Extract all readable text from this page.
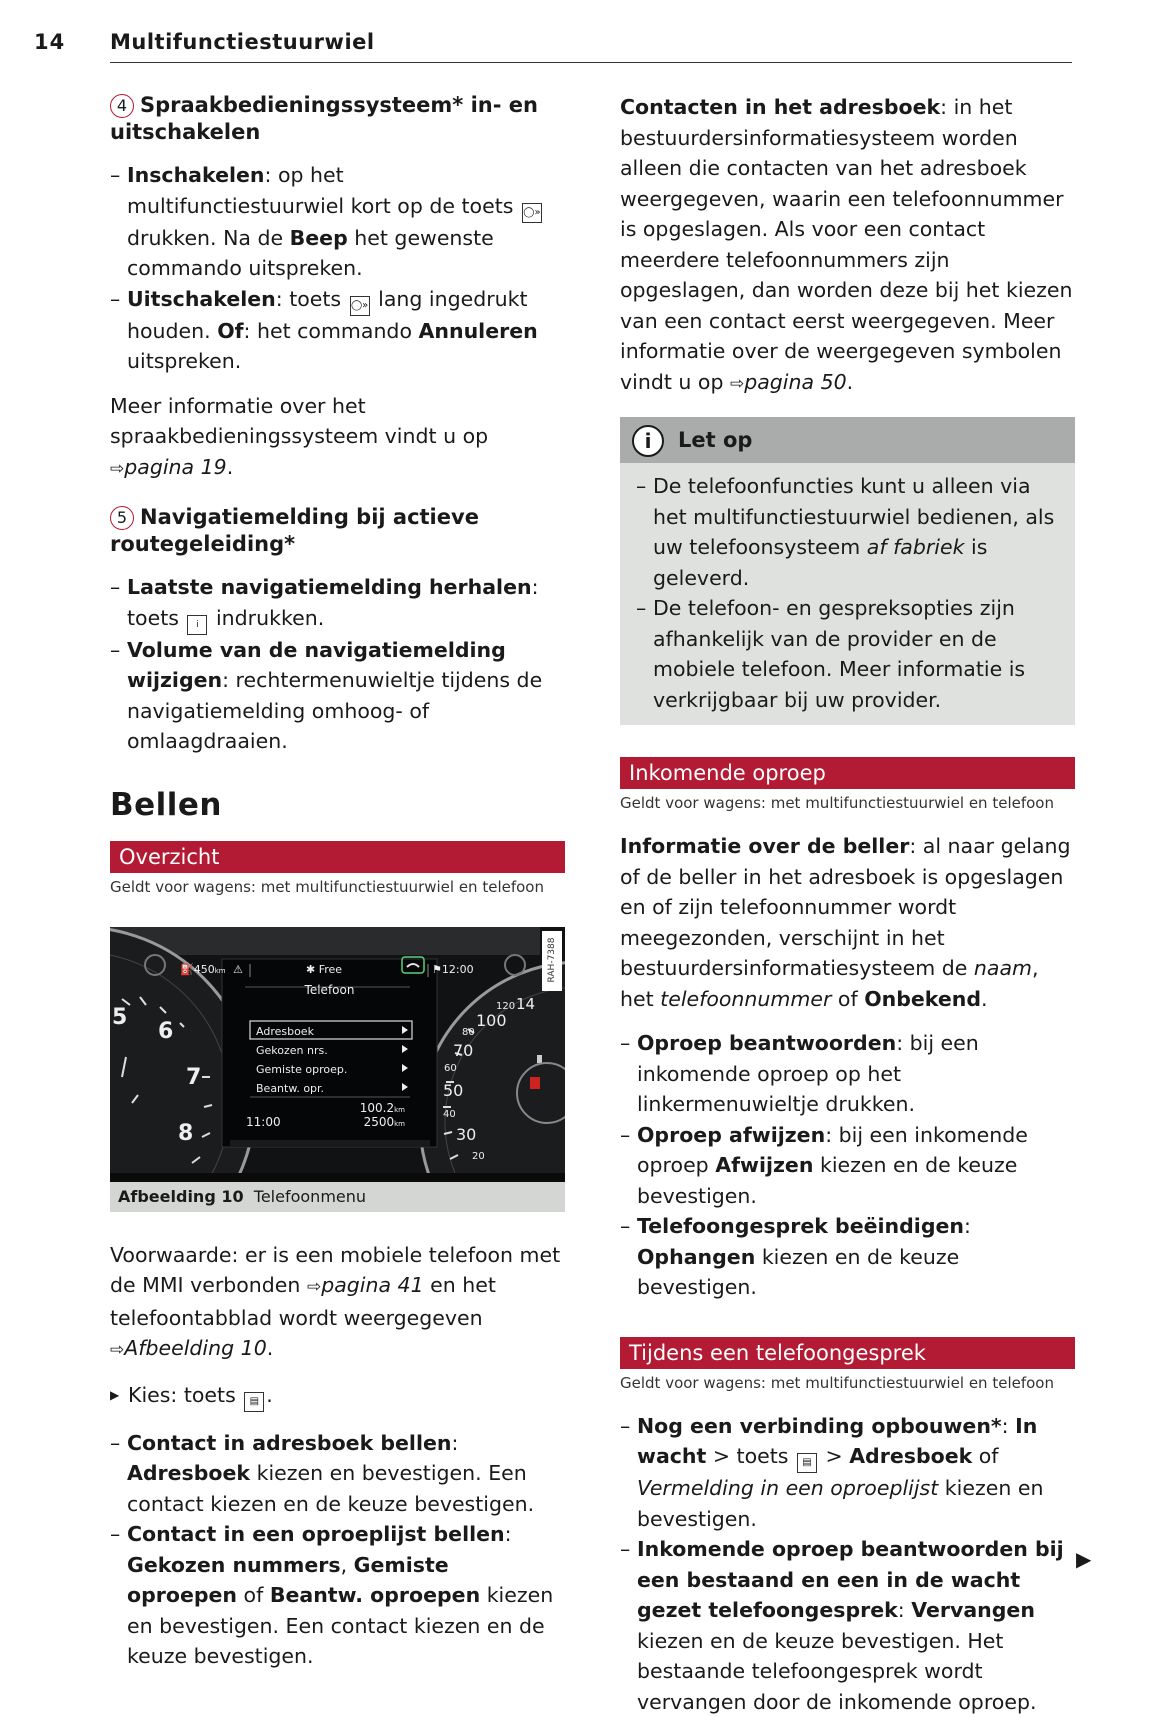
14 Multifunctiestuurwiel
4 Spraakbedieningssysteem* in- en uitschakelen
– Inschakelen: op het multifunctiestuurwiel kort op de toets ◯» drukken. Na de Beep het gewenste commando uitspreken.
– Uitschakelen: toets ◯» lang ingedrukt houden. Of: het commando Annuleren uitspreken.

Meer informatie over het spraakbedieningssysteem vindt u op ⇨pagina 19.

5 Navigatiemelding bij actieve routegeleiding*
– Laatste navigatiemelding herhalen: toets i indrukken.
– Volume van de navigatiemelding wijzigen: rechtermenuwieltje tijdens de navigatiemelding omhoog- of omlaagdraaien.
Bellen
Overzicht
Geldt voor wagens: met multifunctiestuurwiel en telefoon
⛽450km ⚠	✱ Free	⚑12:00
Telefoon
Adresboek
Gekozen nrs.
Gemiste oproep.
Beantw. opr.
11:00
100.2km
2500km
5
6
7
8
100
70
50
30
120 14
80
60
40
20
RAH-7388
Afbeelding 10 Telefoonmenu

Voorwaarde: er is een mobiele telefoon met de MMI verbonden ⇨pagina 41 en het telefoontabblad wordt weergegeven ⇨Afbeelding 10.

▶ Kies: toets ▤ .

– Contact in adresboek bellen: Adresboek kiezen en bevestigen. Een contact kiezen en de keuze bevestigen.
– Contact in een oproeplijst bellen: Gekozen nummers, Gemiste oproepen of Beantw. oproepen kiezen en bevestigen. Een contact kiezen en de keuze bevestigen.

Contacten in het adresboek: in het bestuurdersinformatiesysteem worden alleen die contacten van het adresboek weergegeven, waarin een telefoonnummer is opgeslagen. Als voor een contact meerdere telefoonnummers zijn opgeslagen, dan worden deze bij het kiezen van een contact eerst weergegeven. Meer informatie over de weergegeven symbolen vindt u op ⇨pagina 50.

i Let op
– De telefoonfuncties kunt u alleen via het multifunctiestuurwiel bedienen, als uw telefoonsysteem af fabriek is geleverd.
– De telefoon- en gespreksopties zijn afhankelijk van de provider en de mobiele telefoon. Meer informatie is verkrijgbaar bij uw provider.
Inkomende oproep
Geldt voor wagens: met multifunctiestuurwiel en telefoon

Informatie over de beller: al naar gelang of de beller in het adresboek is opgeslagen en of zijn telefoonnummer wordt meegezonden, verschijnt in het bestuurdersinformatiesysteem de naam, het telefoonnummer of Onbekend.

– Oproep beantwoorden: bij een inkomende oproep op het linkermenuwieltje drukken.
– Oproep afwijzen: bij een inkomende oproep Afwijzen kiezen en de keuze bevestigen.
– Telefoongesprek beëindigen: Ophangen kiezen en de keuze bevestigen.
Tijdens een telefoongesprek
Geldt voor wagens: met multifunctiestuurwiel en telefoon
– Nog een verbinding opbouwen*: In wacht > toets ▤ > Adresboek of Vermelding in een oproeplijst kiezen en bevestigen.
– Inkomende oproep beantwoorden bij een bestaand en een in de wacht gezet telefoongesprek: Vervangen kiezen en de keuze bevestigen. Het bestaande telefoongesprek wordt vervangen door de inkomende oproep.
▶
